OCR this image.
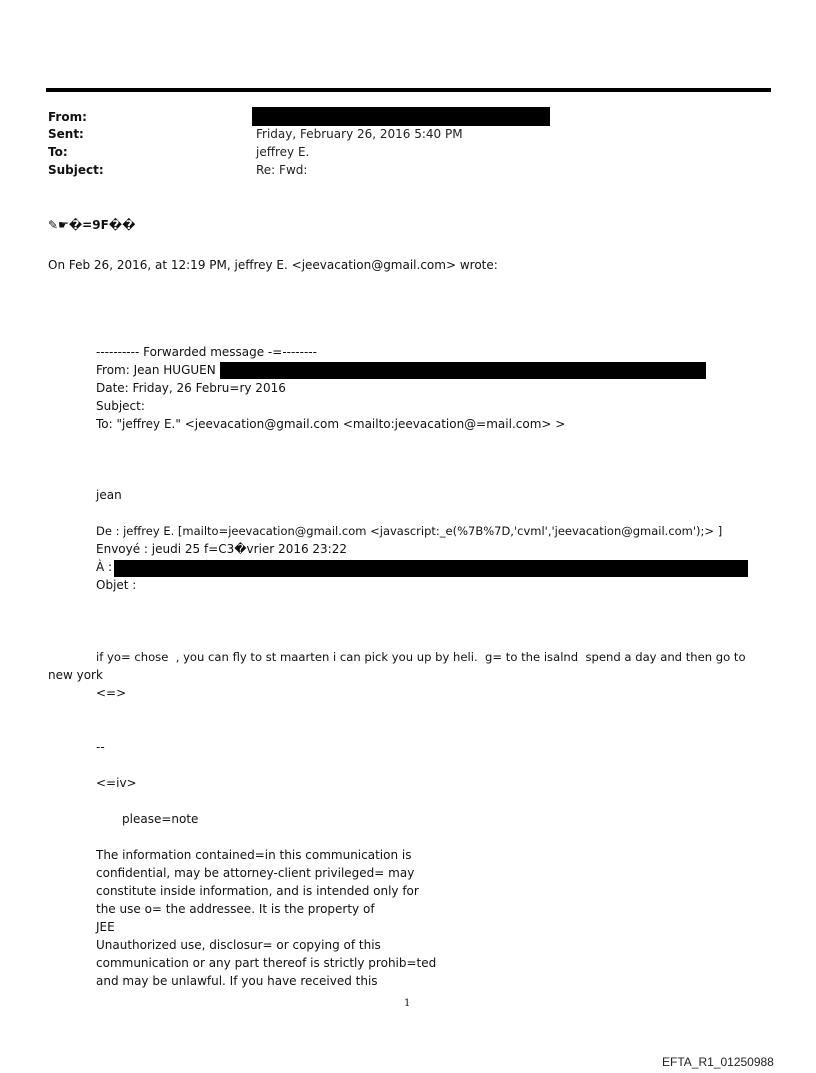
From:
Sent:	Friday, February 26, 2016 5:40 PM
To:	jeffrey E.
Subject:	Re: Fwd:
✎☛�=9F��
On Feb 26, 2016, at 12:19 PM, jeffrey E. <jeevacation@gmail.com> wrote:
---------- Forwarded message -=--------
From: Jean HUGUEN
Date: Friday, 26 Febru=ry 2016
Subject:
To: "jeffrey E." <jeevacation@gmail.com <mailto:jeevacation@=mail.com> >
jean
De : jeffrey E. [mailto=jeevacation@gmail.com <javascript:_e(%7B%7D,'cvml','jeevacation@gmail.com');> ]
Envoyé : jeudi 25 f=C3�vrier 2016 23:22
À :
Objet :
if yo= chose  , you can fly to st maarten i can pick you up by heli.  g= to the isalnd  spend a day and then go to
new york
<=>
--
<=iv>
please=note
The information contained=in this communication is
confidential, may be attorney-client privileged= may
constitute inside information, and is intended only for
the use o= the addressee. It is the property of
JEE
Unauthorized use, disclosur= or copying of this
communication or any part thereof is strictly prohib=ted
and may be unlawful. If you have received this
1
EFTA_R1_01250988
